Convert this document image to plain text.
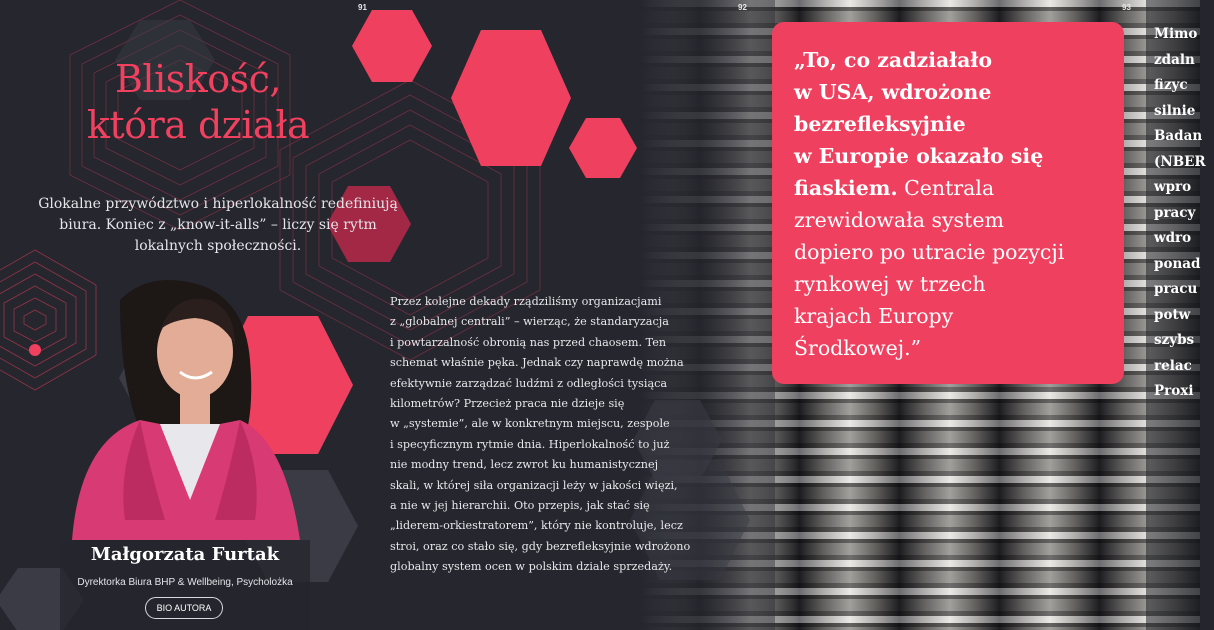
91	92	93
Bliskość,
która działa

Glokalne przywództwo i hiperlokalność redefiniują biura. Koniec z „know-it-alls” – liczy się rytm lokalnych społeczności.

Przez kolejne dekady rządziliśmy organizacjami
z „globalnej centrali” – wierząc, że standaryzacja
i powtarzalność obronią nas przed chaosem. Ten
schemat właśnie pęka. Jednak czy naprawdę można
efektywnie zarządzać ludźmi z odległości tysiąca
kilometrów? Przecież praca nie dzieje się
w „systemie”, ale w konkretnym miejscu, zespole
i specyficznym rytmie dnia. Hiperlokalność to już
nie modny trend, lecz zwrot ku humanistycznej
skali, w której siła organizacji leży w jakości więzi,
a nie w jej hierarchii. Oto przepis, jak stać się
„liderem-orkiestratorem”, który nie kontroluje, lecz
stroi, oraz co stało się, gdy bezrefleksyjnie wdrożono
globalny system ocen w polskim dziale sprzedaży.

„To, co zadziałało
w USA, wdrożone
bezrefleksyjnie
w Europie okazało się
fiaskiem. Centrala
zrewidowała system
dopiero po utracie pozycji
rynkowej w trzech
krajach Europy
Środkowej.”

Mimo
zdaln
fizyc
silnie
Badan
(NBER
wpro
pracy
wdro
ponad
pracu
potw
szybs
relac
Proxi

Małgorzata Furtak

Dyrektorka Biura BHP & Wellbeing, Psycholożka

BIO AUTORA
